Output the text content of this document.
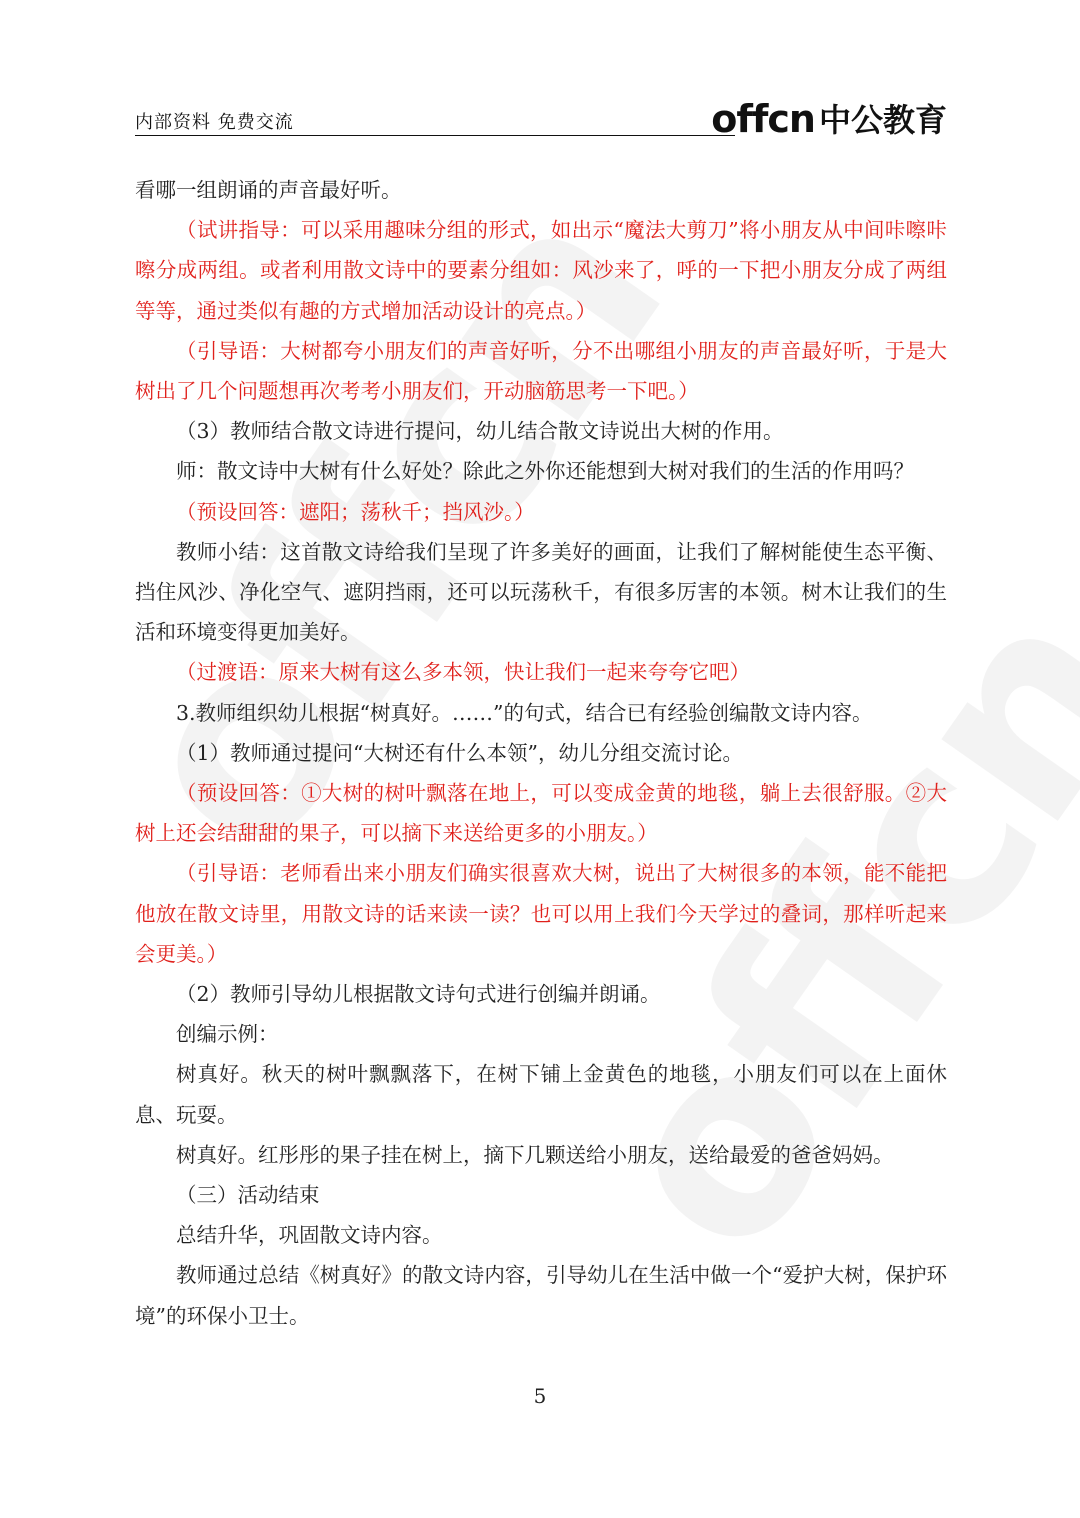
内部资料 免费交流	offcn 中公教育

看哪一组朗诵的声音最好听。

（试讲指导：可以采用趣味分组的形式，如出示“魔法大剪刀”将小朋友从中间咔嚓咔嚓分成两组。或者利用散文诗中的要素分组如：风沙来了，呼的一下把小朋友分成了两组等等，通过类似有趣的方式增加活动设计的亮点。）

（引导语：大树都夸小朋友们的声音好听，分不出哪组小朋友的声音最好听，于是大树出了几个问题想再次考考小朋友们，开动脑筋思考一下吧。）

（3）教师结合散文诗进行提问，幼儿结合散文诗说出大树的作用。

师：散文诗中大树有什么好处？除此之外你还能想到大树对我们的生活的作用吗？

（预设回答：遮阳；荡秋千；挡风沙。）

教师小结：这首散文诗给我们呈现了许多美好的画面，让我们了解树能使生态平衡、挡住风沙、净化空气、遮阴挡雨，还可以玩荡秋千，有很多厉害的本领。树木让我们的生活和环境变得更加美好。

（过渡语：原来大树有这么多本领，快让我们一起来夸夸它吧）

3.教师组织幼儿根据“树真好。……”的句式，结合已有经验创编散文诗内容。

（1）教师通过提问“大树还有什么本领”，幼儿分组交流讨论。

（预设回答：①大树的树叶飘落在地上，可以变成金黄的地毯，躺上去很舒服。②大树上还会结甜甜的果子，可以摘下来送给更多的小朋友。）

（引导语：老师看出来小朋友们确实很喜欢大树，说出了大树很多的本领，能不能把他放在散文诗里，用散文诗的话来读一读？也可以用上我们今天学过的叠词，那样听起来会更美。）

（2）教师引导幼儿根据散文诗句式进行创编并朗诵。

创编示例：

树真好。秋天的树叶飘飘落下，在树下铺上金黄色的地毯，小朋友们可以在上面休息、玩耍。

树真好。红彤彤的果子挂在树上，摘下几颗送给小朋友，送给最爱的爸爸妈妈。

（三）活动结束

总结升华，巩固散文诗内容。

教师通过总结《树真好》的散文诗内容，引导幼儿在生活中做一个“爱护大树，保护环境”的环保小卫士。

5
